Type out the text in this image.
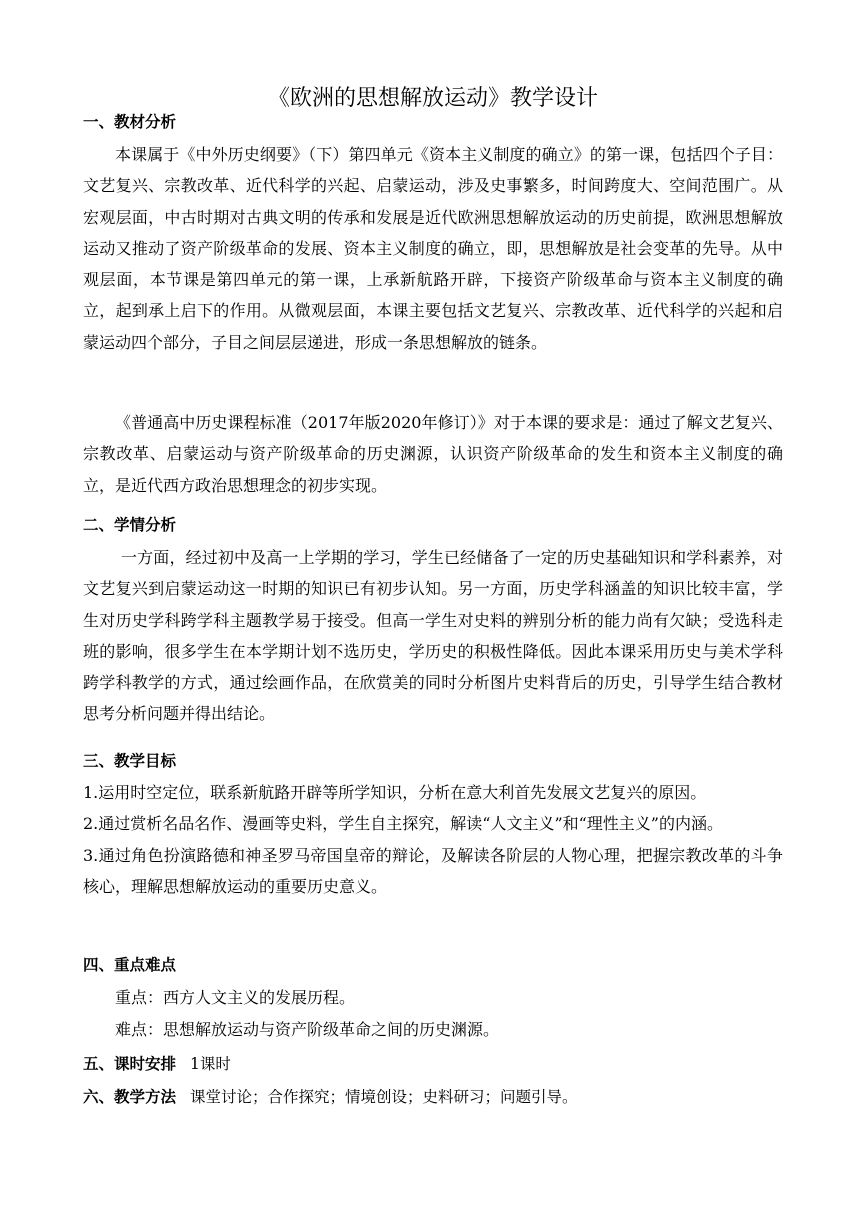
《欧洲的思想解放运动》教学设计
一、教材分析
本课属于《中外历史纲要》（下）第四单元《资本主义制度的确立》的第一课，包括四个子目：文艺复兴、宗教改革、近代科学的兴起、启蒙运动，涉及史事繁多，时间跨度大、空间范围广。从宏观层面，中古时期对古典文明的传承和发展是近代欧洲思想解放运动的历史前提，欧洲思想解放运动又推动了资产阶级革命的发展、资本主义制度的确立，即，思想解放是社会变革的先导。从中观层面，本节课是第四单元的第一课，上承新航路开辟，下接资产阶级革命与资本主义制度的确立，起到承上启下的作用。从微观层面，本课主要包括文艺复兴、宗教改革、近代科学的兴起和启蒙运动四个部分，子目之间层层递进，形成一条思想解放的链条。
《普通高中历史课程标准（2017年版2020年修订）》对于本课的要求是：通过了解文艺复兴、宗教改革、启蒙运动与资产阶级革命的历史渊源，认识资产阶级革命的发生和资本主义制度的确立，是近代西方政治思想理念的初步实现。
二、学情分析
一方面，经过初中及高一上学期的学习，学生已经储备了一定的历史基础知识和学科素养，对文艺复兴到启蒙运动这一时期的知识已有初步认知。另一方面，历史学科涵盖的知识比较丰富，学生对历史学科跨学科主题教学易于接受。但高一学生对史料的辨别分析的能力尚有欠缺；受选科走班的影响，很多学生在本学期计划不选历史，学历史的积极性降低。因此本课采用历史与美术学科跨学科教学的方式，通过绘画作品，在欣赏美的同时分析图片史料背后的历史，引导学生结合教材思考分析问题并得出结论。
三、教学目标
1.运用时空定位，联系新航路开辟等所学知识，分析在意大利首先发展文艺复兴的原因。
2.通过赏析名品名作、漫画等史料，学生自主探究，解读“人文主义”和“理性主义”的内涵。
3.通过角色扮演路德和神圣罗马帝国皇帝的辩论，及解读各阶层的人物心理，把握宗教改革的斗争核心，理解思想解放运动的重要历史意义。
四、重点难点
重点：西方人文主义的发展历程。
难点：思想解放运动与资产阶级革命之间的历史渊源。
五、课时安排 1课时
六、教学方法 课堂讨论；合作探究；情境创设；史料研习；问题引导。
